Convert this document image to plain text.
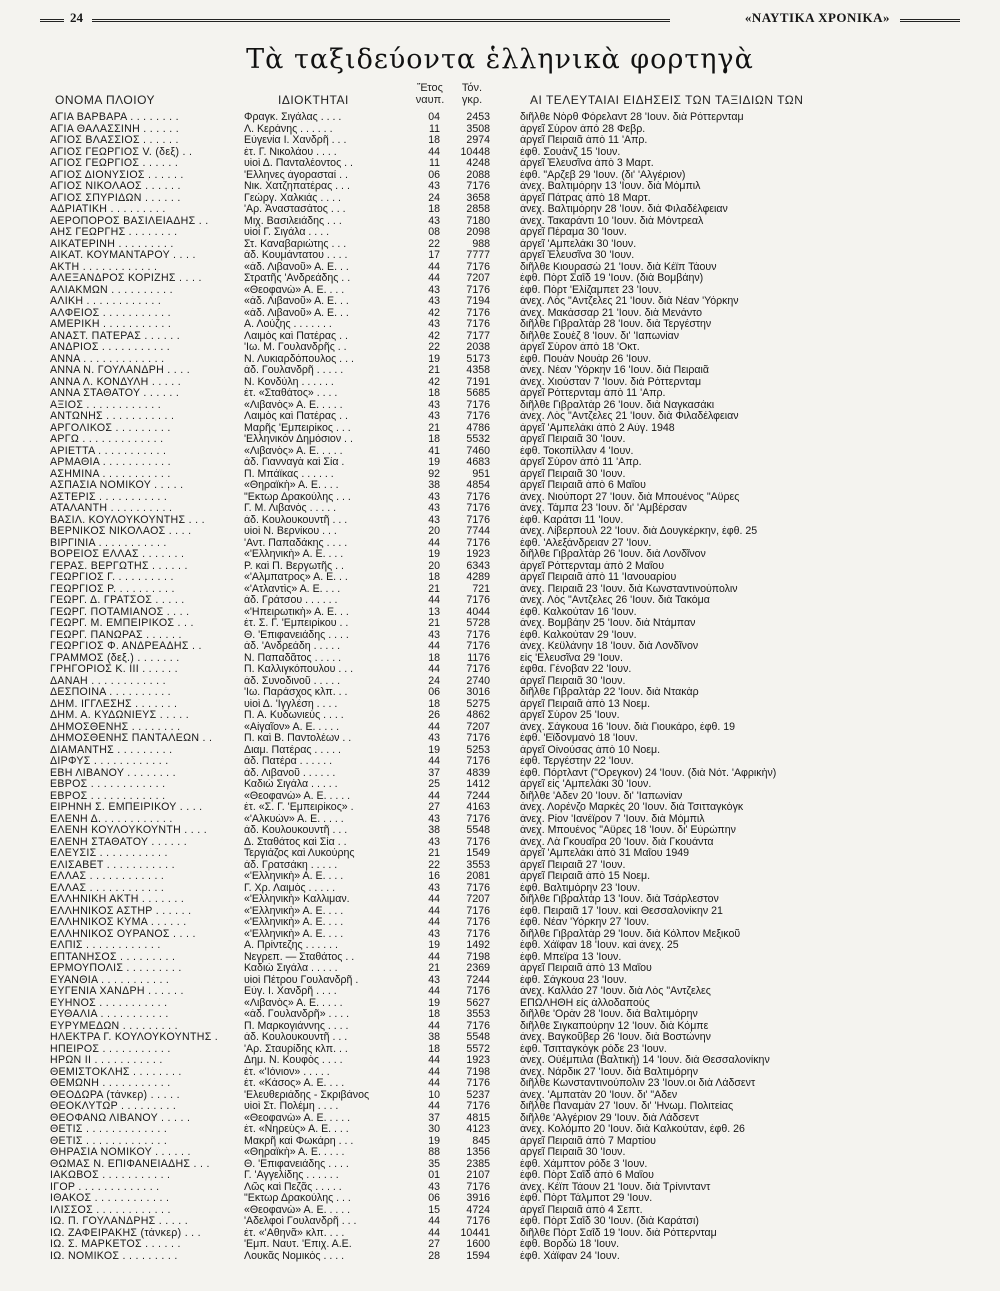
24	«ΝΑΥΤΙΚΑ ΧΡΟΝΙΚΑ»
Τὰ ταξιδεύοντα ἑλληνικὰ φορτηγὰ
ΟΝΟΜΑ ΠΛΟΙΟΥ	ΙΔΙΟΚΤΗΤΑΙ
Ἔτος
ναυπ.
Τόν.
γκρ.	ΑΙ ΤΕΛΕΥΤΑΙΑΙ ΕΙΔΗΣΕΙΣ ΤΩΝ ΤΑΞΙΔΙΩΝ ΤΩΝ
ΑΓΙΑ ΒΑΡΒΑΡΑ . . . . . . . .	Φραγκ. Σιγάλας . . . .	04	2453	διῆλθε Νὸρθ Φόρελαντ 28 'Ιουν. διὰ Ρόττερνταμ
ΑΓΙΑ ΘΑΛΑΣΣΙΝΗ . . . . . .	Λ. Κεράνης . . . . . .	11	3508	ἀργεῖ Σύρον ἀπὸ 28 Φεβρ.
ΑΓΙΟΣ ΒΛΑΣΣΙΟΣ . . . . . .	Εὐγενία Ι. Χανδρῆ . . .	18	2974	ἀργεῖ Πειραιᾶ ἀπὸ 11 'Απρ.
ΑΓΙΟΣ ΓΕΩΡΓΙΟΣ V. (δεξ) . .	ἑτ. Γ. Νικολάου . . . .	44	10448	ἐφθ. Σουὰνζ 15 'Ιουν.
ΑΓΙΟΣ ΓΕΩΡΓΙΟΣ . . . . . .	υἱοὶ Δ. Πανταλέοντος . .	11	4248	ἀργεῖ Ἐλευσῖνα ἀπὸ 3 Μαρτ.
ΑΓΙΟΣ ΔΙΟΝΥΣΙΟΣ . . . . . .	'Ελληνες ἀγορασταί . .	06	2088	ἐφθ. "Αρζεβ 29 'Ιουν. (δι' 'Αλγέριον)
ΑΓΙΟΣ ΝΙΚΟΛΑΟΣ . . . . . .	Νικ. Χατζηπατέρας . . .	43	7176	ἀνεχ. Βαλτιμόρην 13 'Ιουν. διὰ Μόμπιλ
ΑΓΙΟΣ ΣΠΥΡΙΔΩΝ . . . . . .	Γεώργ. Χαλκιάς . . . .	24	3658	ἀργεῖ Πάτρας ἀπὸ 18 Μαρτ.
ΑΔΡΙΑΤΙΚΗ . . . . . . . . .	'Αρ. Ἀναστασάτος . . .	18	2858	ἀνεχ. Βαλτιμόρην 28 'Ιουν. διὰ Φιλαδέλφειαν
ΑΕΡΟΠΟΡΟΣ ΒΑΣΙΛΕΙΑΔΗΣ . .	Μιχ. Βασιλειάδης . . .	43	7180	ἀνεχ. Τακαράντι 10 'Ιουν. διὰ Μόντρεαλ
ΑΗΣ ΓΕΩΡΓΗΣ . . . . . . . .	υἱοὶ Γ. Σιγάλα . . . .	08	2098	ἀργεῖ Πέραμα 30 'Ιουν.
ΑΙΚΑΤΕΡΙΝΗ . . . . . . . . .	Στ. Καναβαριώτης . . .	22	988	ἀργεῖ 'Αμπελάκι 30 'Ιουν.
ΑΙΚΑΤ. ΚΟΥΜΑΝΤΑΡΟΥ . . . .	ἀδ. Κουμάντατου . . . .	17	7777	ἀργεῖ Ἐλευσῖνα 30 'Ιουν.
ΑΚΤΗ . . . . . . . . . . . .	«ἀδ. Λιβανοῦ» Α. Ε. . .	44	7176	διῆλθε Κιουρασὼ 21 'Ιουν. διὰ Κέϊπ Τάουν
ΑΛΕΞΑΝΔΡΟΣ ΚΟΡΙΖΗΣ . . . .	Στρατῆς 'Ανδρεάδης . .	44	7207	ἐφθ. Πὸρτ Σαΐδ 19 'Ιουν. (διὰ Βομβάην)
ΑΛΙΑΚΜΩΝ . . . . . . . . . .	«Θεοφανὼ» Α. Ε. . . .	43	7176	ἐφθ. Πὸρτ 'Ελίζαμπετ 23 'Ιουν.
ΑΛΙΚΗ . . . . . . . . . . . .	«ἀδ. Λιβανοῦ» Α. Ε. . .	43	7194	ἀνεχ. Λὸς "Αντζελες 21 'Ιουν. διὰ Νέαν 'Υόρκην
ΑΛΦΕΙΟΣ . . . . . . . . . . .	«ἀδ. Λιβανοῦ» Α. Ε. . .	42	7176	ἀνεχ. Μακάσσαρ 21 'Ιουν. διὰ Μενάντο
ΑΜΕΡΙΚΗ . . . . . . . . . . .	Α. Λούζης . . . . . . .	43	7176	διῆλθε Γιβραλτὰρ 28 'Ιουν. διὰ Τεργέστην
ΑΝΑΣΤ. ΠΑΤΕΡΑΣ . . . . . .	Λαιμὸς καὶ Πατέρας . .	42	7177	διῆλθε Σουὲζ 8 'Ιουν. δι' 'Ιαπωνίαν
ΑΝΔΡΙΟΣ . . . . . . . . . . .	'Ιω. Μ. Γουλανδρῆς . .	22	2038	ἀργεῖ Σύρον ἀπὸ 18 'Οκτ.
ΑΝΝΑ . . . . . . . . . . . . .	Ν. Λυκιαρδόπουλος . . .	19	5173	ἐφθ. Πουὰν Νουὰρ 26 'Ιουν.
ΑΝΝΑ Ν. ΓΟΥΛΑΝΔΡΗ . . . .	ἀδ. Γουλανδρῆ . . . . .	21	4358	ἀνεχ. Νέαν 'Υόρκην 16 'Ιουν. διὰ Πειραιᾶ
ΑΝΝΑ Λ. ΚΟΝΔΥΛΗ . . . . .	Ν. Κονδύλη . . . . . .	42	7191	ἀνεχ. Χιούσταν 7 'Ιουν. διὰ Ρόττερνταμ
ΑΝΝΑ ΣΤΑΘΑΤΟΥ . . . . . .	ἑτ. «Σταθάτος» . . . .	18	5685	ἀργεῖ Ρόττερνταμ ἀπὸ 11 'Απρ.
ΑΞΙΟΣ . . . . . . . . . . . .	«Λιβανὸς» Α. Ε. . . . .	43	7176	διῆλθε Γιβραλτὰρ 26 'Ιουν. διὰ Ναγκασάκι
ΑΝΤΩΝΗΣ . . . . . . . . . . .	Λαιμὸς καὶ Πατέρας . .	43	7176	ἀνεχ. Λὸς "Αντζελες 21 'Ιουν. διὰ Φιλαδέλφειαν
ΑΡΓΟΛΙΚΟΣ . . . . . . . . .	Μαρῆς 'Εμπειρίκος . . .	21	4786	ἀργεῖ 'Αμπελάκι ἀπὸ 2 Αὐγ. 1948
ΑΡΓΩ . . . . . . . . . . . . .	'Ελληνικὸν Δημόσιον . .	18	5532	ἀργεῖ Πειραιᾶ 30 'Ιουν.
ΑΡΙΕΤΤΑ . . . . . . . . . . .	«Λιβανὸς» Α. Ε. . . . .	41	7460	ἐφθ. Τοκοπίλλαν 4 'Ιουν.
ΑΡΜΑΘΙΑ . . . . . . . . . . .	ἀδ. Γιανναγὰ καὶ Σία .	19	4683	ἀργεῖ Σύρον ἀπὸ 11 'Απρ.
ΑΣΗΜΙΝΑ . . . . . . . . . . .	Π. Μπάϊκας . . . . . .	92	951	ἀργεῖ Πειραιᾶ 30 'Ιουν.
ΑΣΠΑΣΙΑ ΝΟΜΙΚΟΥ . . . . .	«Θηραϊκὴ» Α. Ε. . . .	38	4854	ἀργεῖ Πειραιᾶ ἀπὸ 6 Μαΐου
ΑΣΤΕΡΙΣ . . . . . . . . . . .	"Εκτωρ Δρακούλης . . .	43	7176	ἀνεχ. Νιούπορτ 27 'Ιουν. διὰ Μπουένος "Αϋρες
ΑΤΑΛΑΝΤΗ . . . . . . . . . .	Γ. Μ. Λιβανὸς . . . . .	43	7176	ἀνεχ. Τάμπα 23 'Ιουν. δι' 'Αμβέρσαν
ΒΑΣΙΛ. ΚΟΥΛΟΥΚΟΥΝΤΗΣ . . .	ἀδ. Κουλουκουντῆ . . .	43	7176	ἐφθ. Καράτσι 11 'Ιουν.
ΒΕΡΝΙΚΟΣ ΝΙΚΟΛΑΟΣ . . . .	υἱοὶ Ν. Βερνίκου . . .	20	7744	ἀνεχ. Λίβερπουλ 22 'Ιουν. διὰ Δουγκέρκην, ἐφθ. 25
ΒΙΡΓΙΝΙΑ . . . . . . . . . . .	'Αντ. Παπαδάκης . . . .	44	7176	ἐφθ. 'Αλεξάνδρειαν 27 'Ιουν.
ΒΟΡΕΙΟΣ ΕΛΛΑΣ . . . . . . .	«'Ελληνικὴ» Α. Ε. . . .	19	1923	διῆλθε Γιβραλτὰρ 26 'Ιουν. διὰ Λονδῖνον
ΓΕΡΑΣ. ΒΕΡΓΩΤΗΣ . . . . . .	Ρ. καὶ Π. Βεργωτῆς . .	20	6343	ἀργεῖ Ρόττερνταμ ἀπὸ 2 Μαΐου
ΓΕΩΡΓΙΟΣ Γ. . . . . . . . . .	«'Αλμπατρος» Α. Ε. . .	18	4289	ἀργεῖ Πειραιᾶ ἀπὸ 11 'Ιανουαρίου
ΓΕΩΡΓΙΟΣ Ρ. . . . . . . . . .	«'Ατλαντὶς» Α. Ε. . . .	21	721	ἀνεχ. Πειραιᾶ 23 'Ιουν. διὰ Κωνσταντινούπολιν
ΓΕΩΡΓ. Δ. ΓΡΑΤΣΟΣ . . . . .	ἀδ. Γράτσου . . . . . .	44	7176	ἀνεχ. Λὸς "Αντζελες 26 'Ιουν. διὰ Τακόμα
ΓΕΩΡΓ. ΠΟΤΑΜΙΑΝΟΣ . . . .	«'Ηπειρωτικὴ» Α. Ε. . .	13	4044	ἐφθ. Καλκούταν 16 'Ιουν.
ΓΕΩΡΓ. Μ. ΕΜΠΕΙΡΙΚΟΣ . . .	ἑτ. Σ. Γ. 'Εμπειρίκου . .	21	5728	ἀνεχ. Βομβάην 25 'Ιουν. διὰ Ντάμπαν
ΓΕΩΡΓ. ΠΑΝΩΡΑΣ . . . . . .	Θ. 'Επιφανειάδης . . . .	43	7176	ἐφθ. Καλκούταν 29 'Ιουν.
ΓΕΩΡΓΙΟΣ Φ. ΑΝΔΡΕΑΔΗΣ . .	ἀδ. 'Ανδρεάδη . . . . .	44	7176	ἀνεχ. Κεϋλάνην 18 'Ιουν. διὰ Λονδῖνον
ΓΡΑΜΜΟΣ (δεξ.) . . . . . . .	Ν. Παπαδᾶτος . . . . .	18	1176	εἰς 'Ελευσῖνα 29 'Ιουν.
ΓΡΗΓΟΡΙΟΣ Κ. ΙΙΙ . . . . . .	Π. Καλλιγκόπουλου . . .	44	7176	ἐφθα. Γένοβαν 22 'Ιουν.
ΔΑΝΑΗ . . . . . . . . . . . .	ἀδ. Συνοδινοῦ . . . . .	24	2740	ἀργεῖ Πειραιᾶ 30 'Ιουν.
ΔΕΣΠΟΙΝΑ . . . . . . . . . .	'Ιω. Παράσχος κλπ. . .	06	3016	διῆλθε Γιβραλτὰρ 22 'Ιουν. διὰ Ντακὰρ
ΔΗΜ. ΙΓΓΛΕΣΗΣ . . . . . . .	υἱοὶ Δ. 'Ιγγλέση . . . .	18	5275	ἀργεῖ Πειραιᾶ ἀπὸ 13 Νοεμ.
ΔΗΜ. Α. ΚΥΔΩΝΙΕΥΣ . . . . .	Π. Α. Κυδωνιεὺς . . . .	26	4862	ἀργεῖ Σύρον 25 'Ιουν.
ΔΗΜΟΣΘΕΝΗΣ . . . . . . . .	«Αἰγαῖον» Α. Ε. . . . .	44	7207	ἀνεχ. Σάγκουα 16 'Ιουν. διὰ Γιουκάρο, ἐφθ. 19
ΔΗΜΟΣΘΕΝΗΣ ΠΑΝΤΑΛΕΩΝ . .	Π. καὶ Β. Παντολέων . .	43	7176	ἐφθ. 'Εϊδονμανὸ 18 'Ιουν.
ΔΙΑΜΑΝΤΗΣ . . . . . . . . .	Διαμ. Πατέρας . . . . .	19	5253	ἀργεῖ Οἰνούσας ἀπὸ 10 Νοεμ.
ΔΙΡΦΥΣ . . . . . . . . . . . .	ἀδ. Πατέρα . . . . . .	44	7176	ἐφθ. Τεργέστην 22 'Ιουν.
ΕΒΗ ΛΙΒΑΝΟΥ . . . . . . . .	ἀδ. Λιβανοῦ . . . . . .	37	4839	ἐφθ. Πόρτλαντ ("Ορεγκον) 24 'Ιουν. (διὰ Νότ. 'Αφρικὴν)
ΕΒΡΟΣ . . . . . . . . . . . .	Καδιὼ Σιγάλα . . . . .	25	1412	ἀργεῖ εἰς 'Αμπελάκι 30 'Ιουν.
ΕΒΡΟΣ . . . . . . . . . . . .	«Θεοφανὼ» Α. Ε. . . . .	44	7244	διῆλθε 'Αδεν 20 'Ιουν. δι' 'Ιαπωνίαν
ΕΙΡΗΝΗ Σ. ΕΜΠΕΙΡΙΚΟΥ . . . .	ἑτ. «Σ. Γ. 'Εμπειρίκος» .	27	4163	ἀνεχ. Λορένζο Μαρκὲς 20 'Ιουν. διὰ Τσιτταγκὸγκ
ΕΛΕΝΗ Δ. . . . . . . . . . . .	«'Αλκυὼν» Α. Ε. . . . .	43	7176	ἀνεχ. Ρίον 'Ιανέϊρον 7 'Ιουν. διὰ Μόμπιλ
ΕΛΕΝΗ ΚΟΥΛΟΥΚΟΥΝΤΗ . . . .	ἀδ. Κουλουκουντῆ . . .	38	5548	ἀνεχ. Μπουένος "Αϋρες 18 'Ιουν. δι' Εὐρώπην
ΕΛΕΝΗ ΣΤΑΘΑΤΟΥ . . . . . .	Δ. Σταθάτος καὶ Σία . .	43	7176	ἀνεχ. Λὰ Γκουαΐρα 20 'Ιουν. διὰ Γκουάντα
ΕΛΕΥΣΙΣ . . . . . . . . . . .	Τεργιάζος καὶ Λυκούρης	21	1549	ἀργεῖ 'Αμπελάκι ἀπὸ 31 Μαΐου 1949
ΕΛΙΣΑΒΕΤ . . . . . . . . . . .	ἀδ. Γρατσάκη . . . . .	22	3553	ἀργεῖ Πειραιᾶ 27 'Ιουν.
ΕΛΛΑΣ . . . . . . . . . . . .	«'Ελληνικὴ» Α. Ε. . . .	16	2081	ἀργεῖ Πειραιᾶ ἀπὸ 15 Νοεμ.
ΕΛΛΑΣ . . . . . . . . . . . .	Γ. Χρ. Λαιμὸς . . . . .	43	7176	ἐφθ. Βαλτιμόρην 23 'Ιουν.
ΕΛΛΗΝΙΚΗ ΑΚΤΗ . . . . . . .	«'Ελληνικὴ» Καλλιμαν.	44	7207	διῆλθε Γιβραλτὰρ 13 'Ιουν. διὰ Τσάρλεστον
ΕΛΛΗΝΙΚΟΣ ΑΣΤΗΡ . . . . . .	«'Ελληνικὴ» Α. Ε. . . .	44	7176	ἐφθ. Πειραιᾶ 17 'Ιουν. καὶ Θεσσαλονίκην 21
ΕΛΛΗΝΙΚΟΣ ΚΥΜΑ . . . . . .	«'Ελληνικὴ» Α. Ε. . . .	44	7176	ἐφθ. Νέαν 'Υόρκην 27 'Ιουν.
ΕΛΛΗΝΙΚΟΣ ΟΥΡΑΝΟΣ . . . .	«'Ελληνικὴ» Α. Ε. . . .	43	7176	διῆλθε Γιβραλτὰρ 29 'Ιουν. διὰ Κόλπον Μεξικοῦ
ΕΛΠΙΣ . . . . . . . . . . . .	Α. Πρίντεζης . . . . . .	19	1492	ἐφθ. Χάϊφαν 18 'Ιουν. καὶ ἀνεχ. 25
ΕΠΤΑΝΗΣΟΣ . . . . . . . . .	Νεγρεπ. — Σταθάτος . .	44	7198	ἐφθ. Μπεϊρα 13 'Ιουν.
ΕΡΜΟΥΠΟΛΙΣ . . . . . . . . .	Καδιὼ Σιγάλα . . . . .	21	2369	ἀργεῖ Πειραιᾶ ἀπὸ 13 Μαΐου
ΕΥΑΝΘΙΑ . . . . . . . . . . .	υἱοὶ Πέτρου Γουλανδρῆ .	43	7244	ἐφθ. Σάγκουα 23 'Ιουν.
ΕΥΓΕΝΙΑ ΧΑΝΔΡΗ . . . . . .	Εὐγ. Ι. Χανδρῆ . . . .	44	7176	ἀνεχ. Καλλάο 27 'Ιουν. διὰ Λὸς "Αντζελες
ΕΥΗΝΟΣ . . . . . . . . . . .	«Λιβανὸς» Α. Ε. . . . .	19	5627	ΕΠΩΛΗΘΗ εἰς ἀλλοδαπούς
ΕΥΘΑΛΙΑ . . . . . . . . . . .	«ἀδ. Γουλανδρῆ» . . . .	18	3553	διῆλθε 'Ορὰν 28 'Ιουν. διὰ Βαλτιμόρην
ΕΥΡΥΜΕΔΩΝ . . . . . . . . .	Π. Μαρκογιάννης . . . .	44	7176	διῆλθε Σιγκαπούρην 12 'Ιουν. διὰ Κόμπε
ΗΛΕΚΤΡΑ Γ. ΚΟΥΛΟΥΚΟΥΝΤΗΣ .	ἀδ. Κουλουκουντῆ . . .	38	5548	ἀνεχ. Βαγκοῦβερ 26 'Ιουν. διὰ Βοστώνην
ΗΠΕΙΡΟΣ . . . . . . . . . . .	'Αρ. Σταυρίδης κλπ. . .	18	5572	ἐφθ. Τσιτταγκὸγκ ρόδε 23 'Ιουν.
ΗΡΩΝ ΙΙ . . . . . . . . . . .	Δημ. Ν. Κουφὸς . . . .	44	1923	ἀνεχ. Οὐέμπιλα (Βαλτικὴ) 14 'Ιουν. διὰ Θεσσαλονίκην
ΘΕΜΙΣΤΟΚΛΗΣ . . . . . . . .	ἑτ. «'Ιόνιον» . . . . .	44	7198	ἀνεχ. Νάρδικ 27 'Ιουν. διὰ Βαλτιμόρην
ΘΕΜΩΝΗ . . . . . . . . . . .	ἑτ. «Κάσος» Α. Ε. . . .	44	7176	διῆλθε Κωνσταντινούπολιν 23 'Ιουν.οι διὰ Λάδσεντ
ΘΕΟΔΩΡΑ (τάνκερ) . . . . .	'Ελευθεριάδης - Σκριβάνος	10	5237	ἀνεχ. 'Αμπατὰν 20 'Ιουν. δι' "Αδεν
ΘΕΟΚΛΥΤΩΡ . . . . . . . . .	υἱοὶ Στ. Πολέμη . . . .	44	7176	διῆλθε Παναμὰν 27 'Ιουν. δι' 'Ηνωμ. Πολιτείας
ΘΕΟΦΑΝΩ ΛΙΒΑΝΟΥ . . . . .	«Θεοφανὼ» Α. Ε. . . . .	37	4815	διῆλθε 'Αλγέριον 29 'Ιουν. διὰ Λάδσεντ
ΘΕΤΙΣ . . . . . . . . . . . . .	ἑτ. «Νηρεὺς» Α. Ε. . . .	30	4123	ἀνεχ. Κολόμπο 20 'Ιουν. διὰ Καλκούταν, ἐφθ. 26
ΘΕΤΙΣ . . . . . . . . . . . . .	Μακρῆ καὶ Φωκάρη . . .	19	845	ἀργεῖ Πειραιᾶ ἀπὸ 7 Μαρτίου
ΘΗΡΑΣΙΑ ΝΟΜΙΚΟΥ . . . . . .	«Θηραϊκὴ» Α. Ε. . . . .	88	1356	ἀργεῖ Πειραιᾶ 30 'Ιουν.
ΘΩΜΑΣ Ν. ΕΠΙΦΑΝΕΙΑΔΗΣ . . .	Θ. 'Επιφανειάδης . . . .	35	2385	ἐφθ. Χάμπτον ρόδε 3 'Ιουν.
ΙΑΚΩΒΟΣ . . . . . . . . . . .	Γ. 'Αγγελίδης . . . . . .	01	2107	ἐφθ. Πὸρτ Σαΐδ ἀπὸ 6 Μαΐου
ΙΓΟΡ . . . . . . . . . . . . .	Λῶς καὶ Πεζᾶς . . . . .	43	7176	ἀνεχ. Κέϊπ Τάουν 21 'Ιουν. διὰ Τρίνινταντ
ΙΘΑΚΟΣ . . . . . . . . . . . .	"Εκτωρ Δρακούλης . . .	06	3916	ἐφθ. Πὸρτ Τάλμποτ 29 'Ιουν.
ΙΛΙΣΣΟΣ . . . . . . . . . . . .	«Θεοφανὼ» Α. Ε. . . . .	15	4724	ἀργεῖ Πειραιᾶ ἀπὸ 4 Σεπτ.
ΙΩ. Π. ΓΟΥΛΑΝΔΡΗΣ . . . . .	'Αδελφοὶ Γουλανδρῆ . . .	44	7176	ἐφθ. Πὸρτ Σαΐδ 30 'Ιουν. (διὰ Καράτσι)
ΙΩ. ΖΑΦΕΙΡΑΚΗΣ (τάνκερ) . . .	ἑτ. «'Αθηνᾶ» κλπ. . . .	44	10441	διῆλθε Πὸρτ Σαΐδ 19 'Ιουν. διὰ Ρόττερνταμ
ΙΩ. Σ. ΜΑΡΚΕΤΟΣ . . . . . .	'Εμπ. Ναυτ. 'Επιχ. Α.Ε.	27	1600	ἐφθ. Βορδὼ 18 'Ιουν.
ΙΩ. ΝΟΜΙΚΟΣ . . . . . . . . .	Λουκᾶς Νομικὸς . . . .	28	1594	ἐφθ. Χάϊφαν 24 'Ιουν.
